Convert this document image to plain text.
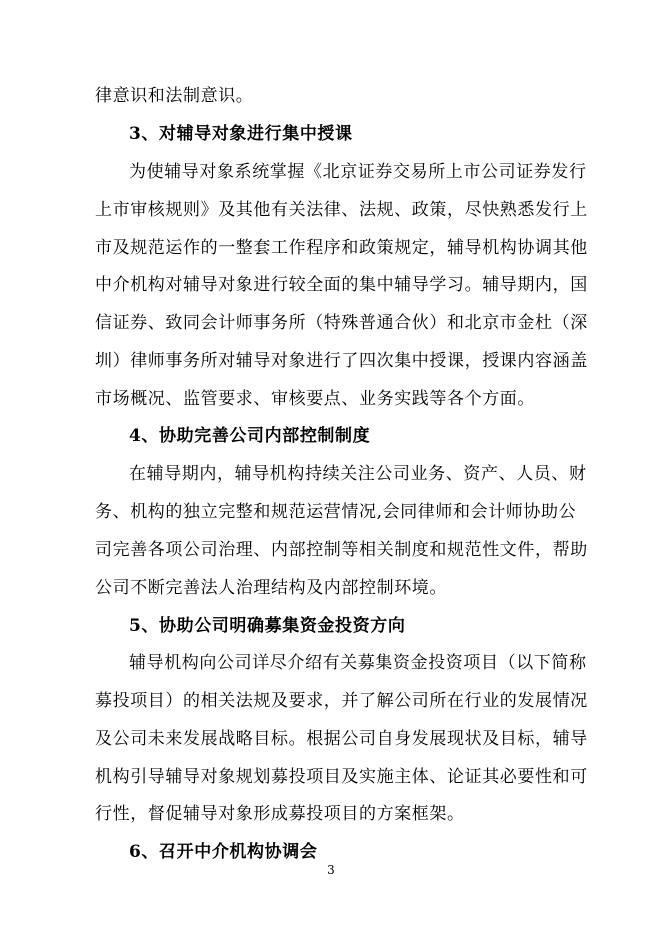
律意识和法制意识。
3、对辅导对象进行集中授课
为使辅导对象系统掌握《北京证券交易所上市公司证券发行
上市审核规则》及其他有关法律、法规、政策，尽快熟悉发行上
市及规范运作的一整套工作程序和政策规定，辅导机构协调其他
中介机构对辅导对象进行较全面的集中辅导学习。辅导期内，国
信证券、致同会计师事务所（特殊普通合伙）和北京市金杜（深
圳）律师事务所对辅导对象进行了四次集中授课，授课内容涵盖
市场概况、监管要求、审核要点、业务实践等各个方面。
4、协助完善公司内部控制制度
在辅导期内，辅导机构持续关注公司业务、资产、人员、财
务、机构的独立完整和规范运营情况,会同律师和会计师协助公
司完善各项公司治理、内部控制等相关制度和规范性文件，帮助
公司不断完善法人治理结构及内部控制环境。
5、协助公司明确募集资金投资方向
辅导机构向公司详尽介绍有关募集资金投资项目（以下简称
募投项目）的相关法规及要求，并了解公司所在行业的发展情况
及公司未来发展战略目标。根据公司自身发展现状及目标，辅导
机构引导辅导对象规划募投项目及实施主体、论证其必要性和可
行性，督促辅导对象形成募投项目的方案框架。
6、召开中介机构协调会
3
